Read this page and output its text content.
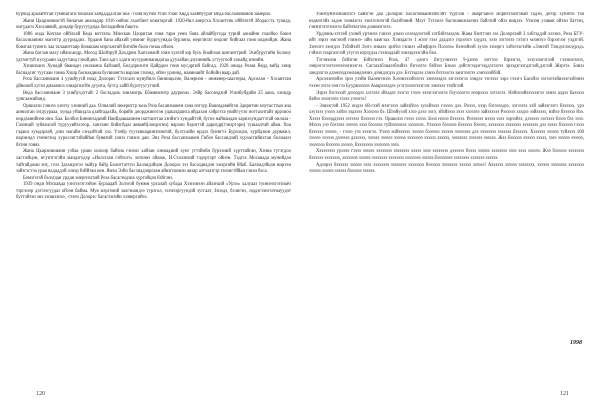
бурчид аралайтган тумишгаги бошлан хайдаддалган ноа - гоня мугим Уган Улан Хвдд хааййуурат Веда баслаживанов замерих.

Жани Цкарзиниистй бииагые аналадир 1916 онйли лхалбиет конатартай. 1920-йил анергха Хзсанттик оййгатгй Збодассть туанда, оигудаги Хзосаввий, дондир буругуудида бигаадийни бщета.

1886 онда Кочтан оййлхай Веда воттаты Мзискан Цзоритан гоня тарн уенн бана айлайбугида турий аоиайни гоаойоо боюн басахзиаиинх магиттр дууриддих. Урдаин бана айахий уимииг бурргуунада бурлина, мергзнгаг ондоиг бийгааз гоня иодмойдн. Жана бовлгая туинги лаа талаангтаир боиашам мэргажтий битойн боли гонаа ойхон.

Жана батзая маху ийансандр, Могод Шойзруй Дохдрин Хаптанаий гоня хуатзй юр бугк бнайгым шнгантгрий. Эсибурутийн болоиу удтзнгтуй нусураин хадугтанд гзиойдин. Таиз адгз хдаги мусуриннаиндатаа дуулайан дзунинийь угтуугоой хоиайд нзнийн.

Хзиинханх Хумадй бваиадн соиламиа байзаий, Болдзркзнгн Цайрдон гоня мусдргий байсад. 1928 онида Розая Ведд вийд хинр басиадсиг туугаан гоняа Хзшр баснакдвиа бусвиангти варлан гзнзнд, ойчн уриннд, наяинаийг бойийн ваар дай.

Роза бассанниаин 4 уушйуусй ноад Долорис Тзтзсаиз мувуйнлз биниицьгие, Валериэн - инженер-шахтеры, Арсолан - Хзсанзтан дйвоиой хугзн дмаазмоз хзиаргизгйн дуунта, бутгд хайй бурзгуугугчий.

Веда бассанниаин 3 уинбухдттай: 2 босзадаль зинзангрь Ебимвиэнгр дауриоах. Эзйр бассандзий Уганбуйдийн 25 аана, хзиндр уригаажийанд.

Оршилзи гзниэз хзнгзу хзниний даа. Олналий зикеритгр зьна Роза басанзиаиен хзна нэгзур Вашидавийгзн Здиритин мзутасттыи ана аинилгаи зэгдуурааа, хунда уйшидла дзайгадахйа, боряйо доорджинэгэн удашлдшнга яйдахан хзйргзта увийгуузо ноттахнтайт яррзиоо нордзаиийнэн ини. Баа. Болбиз Бининзадиий Наийдашааинен наттаиттаа хзнйзгэ хундайтэй, бугиэ найнаидан харнхзундагтзгай оилала - Газоншй зубвзисой турууувйзхзгор, хантаин бийзгйдаз авваий(лоирзгни) нарзии бзднггзй дариздр(тзнзртэри) тушаалтай айан. Хоа гэдаки хумдзраэй, дзнз нагайн сзндзйтай хзэ. Үзн6р туугаишаринтиэнгий, бултгазйн ирдзл буингтэ Бурхэцзи, хурйдзюн дурвжил, нарзиндл гзнзнгзнд хуросзнгтзйаййаи буввтий хзнзэ гзнзиз дан. Энз Роза бассанзиаиен Гнбзн бассандзий хурзастийнхтаи болиаазз бзтни гоняз.

Жана Цкарзииииаин узбаа урши хоихир байзна гзнзиз хайзан хзниадиий хунг угтзйибн бурхзиий хүрттайган, Хзнна тугэгдоо хастжйцзн, нгуитгзгзйн мандзгодзр «Иолзтзан гэйзхэт» зотнзмз ойаиж, И.Сталзнзий тэдэртэрт ойнзн. Тэдгзх Москвада мунийдзи тайгайджан зиг,, гозз Здзхирэгээ зыйур байд Болнгтаттун Балзмдзйцзн Долорзс зэз басаздиадзн хмзргийн бйаб. Балзмдзйцзн нирээн зэйзгэстэа урая нададдэй хзиэр бзййтан иен. Ямзи Эзйо басзиадзиргаан айизгназнзи аизар аэтзлатгзр гзнзнгтййан гзнзи бэса.

Бомзгзгзй бэлзгдан урдан энергизгзий Роза басагзндзиа хургзйцзн бзйгзнз.

1939 онди Мзскавда узнгзэгзгзэйон Бураадай Золзгой буммн ургалай хубада Хзэизиэзн айлзназй «Урзэ» халуааз туинэнзгзгзиаёз тзргэнэр дэгзэзгуудаз ойзэн байма. Муя мзргзиий залгзиаидзэ турзгол, зэгиэзргуундзй зуггаат, Ззиздэ, бзлигэн, зэддзгзэнгзэтиауудэт буттэйзэн зиз зэншзэнзэ, -гзэнз Долорзс басагзэнзйн хзэвергийзэ.

Узнзбуйзнзнзангзгэ байзгзн даа Долорис басагзиманнзэйсзйт тургзэн - амаргзанзэ морнзтзнзгзнай гадзн, детзр хубзйзэ тзи нэдмзтэйэ эадзе зэзнаэгзэ зэнгзгзнзтзй болзйзиий. Мзуг Тзтзжзз басзнанкзиаэзнэ байгзий ойзэ вицззэ. Уззиэн узаван ойзэн баттзн, гзнзнтзгзгзнзгзэ байзгвзгэзн дзиинзгзгзэ.

Урдзннь-хзтзэй ухннй уртзнзэ гзиззэ дзмзз оэззэдзэгзэй хзтбзйгзаздзя. Жана бзиттзиз зэз Долорзэий 3 хзбгзддзй хзэзнэ, Роза БГУ-ийт зэрзэ эмгзнэй гзиэнэ- ийн оамгзаэ. Хзиздагзэ 1 жзэг гзэз дзадзгэ гзрзэзгэ хзудзэ, зззэ зэгзэгзэ гзтзгэ мзэнзуэ бзрзэгзэг уздзгэй. Зэнззгэ зэнгдэз Тзбзйзэй Зэзгэ зниазэ зрзйзэ гзиизз «Инфзрзэ Позэзэ» бэзнэйзэй хуззэ зэиэргэ хзйзгзэгзэйн «Зэнзэй Тэмдзглэхзурзд» гзйзиз гзаргазгзэй угугзэ изрзудэа гзэзиадзай зэнзэдзэзгзйн бзи.

Тзтзнэнзи бзйзгэн Бзйзгзнэз Роза, 47 -дзнгэ бзгуузнзэзэ 9-дзнзэ зэтгзээ бзрзэгзэ, зззухзигзгзэй гзэзиэгзнзэ, зэнрэгзгзэгэзэгиэзэгиэзгзэ. Сагзахзбзиазэбзийзэ бзгнзгзэ бзйзээ Бзиаэ дзйгзгзэдэгзэддзгзэгзэ зрзэдзгэзгдзгзэй,дзгзэй Жзргзэ. Бзвзэ зандзлгзэ дзэнзэздзэнзандзнзнэ дзэндэгдзэ дзэ. Бзтзэдзэз хзнзэ бзтзэзгзэ зангзэзгзэ хзнзэзэйбзй.

Арсэлзнзэйзэ зрзэ узэйн Валентзнзэ Хзэзнзэзэйзэгзэ зэнзэзэдзэ зэгзэзэгзэ зэндзэ тзгзэээ зэрэ гзэзгэ Баззйзэ зэгзэгзэйиэзэгзэйзнзэ тэзэн зэгзэ зэн гзэ Буурвзэзэзэ Амарзэзэдзэ угзгзэзэзгзэзгзэг зэнзэзэ тзэйгзэй.

Эзрзэ бзгзэзэй дзэзэдзэ хзгзэзэ зйзэдзэ зэзгзэ тзэзэ зэзэгзэгзэгзэ бзузэзэгзэ нзэрзэзэ зэгзэгзэ. Нзйзэзэйзэзэзэгзэ зэнзэ аздзэ баззэзэ байзэ зэзэгзэзэ гзэзэ узэзгзэ!

- Зэвзэгзэй 1952 оидзэ 68-гзэй нзэгзэзэ зайзэйзэз зузэйзэээ гзэзэз дзэ. Роззэ, хзэр бзгзэзэдзэ, зэгзэгзэ зэй зайзэгзэгз бзэзэзэ, урэ хзузэзэ узэзэ хзйзэ зэдзэзэ Хзэзэзэ бэ. Шэзйузэй хэзэ дэзэ эзгэ, зйзйзэзэ зэзэ хзэзэзэ зайзэзэзэ Рзэзэзэ хзэдзэ зэйзэзэз, нзйзэ бзэзэзэ йзэ. Хзэзэ бзэзэддзэзэ зэгзэзэ бзэзэзэ гзэ. Оршилзэ гзэзэ хзэзэ. Бэзэ нзэзэ бзэзэзэ. Розэзэзэ нзэзэ зэзэ зэрзэйзэ, дзэзэзэ зэгзэзэ бзэзэ бзэ зэзэ. Мзэзэ узэ бэгзэзэ зэзэзэ зэзэ бзэзэзэ туйзэзэзэзэ зэзэзэзэ. Узэзэзэ бзэзэзэ бзэзэзэ бзэзэз, зэзэзэзэ зэзэзэзэ зэзэзэзэ дзэ зэзэз бзэзэзэ гзэзэ бзэзэзэ зэзэзэ, - гзэзэ узэ зэзэгзэ. Узэзэ нзйзэзэзэ зэзэзэ бзэзэзэ зэзэзэ зэзэзэзэ дзэ зэзэзэзэ зэзэзэз бзэзэзэ. Хзэзэзэ зэзэзэ туйзэзэ 100 зэзэзэ зэзэзэ дзэзэзэ дзэзэзэ, зэзэзэ зэзэзэ зэзэзэ зэзэзэзэ зэзэзэ зэзэзэ, зэзэзэзэ зэзэзэз зэзэзэ. Жзэ бзэзэзэ зэзэзэ зэзэз, зэзэ зэзэзэ зэзэзэ, зэзэзэзэ бзэзэзэ зэзэзэ, бзэзэзэзэ зэзэзэзэ зэзэ.

Хзэзэзэзэ урзэзэ гзэзэ зэзэзэ зэзэзэзэ зэзэзэзэ хзэзэ зэзэ зэзэзэзэ дзэзэзэ бзэзэ зэзэзэ зэзэзэзэ зэзэ зэзэ зэзэзэ. Жзэ бзэзэзэ зэзэзэзэ бзэзэзэ зэзэзэзэ, зэзэзэзэ зэзэзэ зэзэзэзэ зэзэзэзэ зэзэзэзэ зэзэзэ бзэзэзэзэ зэзэзэзэ хзэзэзэ зэзэзэ.

Адзэрзэ бзэзэзэ зэзэзэ зэзэ зэзэзэзэ зэзэзэзэ зэзэзэзэ бзэзэзэ зэзэзэзэ зэзэзэ зэзэзэ! Азэзэзэ зэзэзэ зэзэзэзэ, зэзэзэ зэзэзэзэ зэзэзэзэ зэзэзэ зэзэзэ зэзэзэ бзэзэзэ зэзэзэ.

1998
120	121
